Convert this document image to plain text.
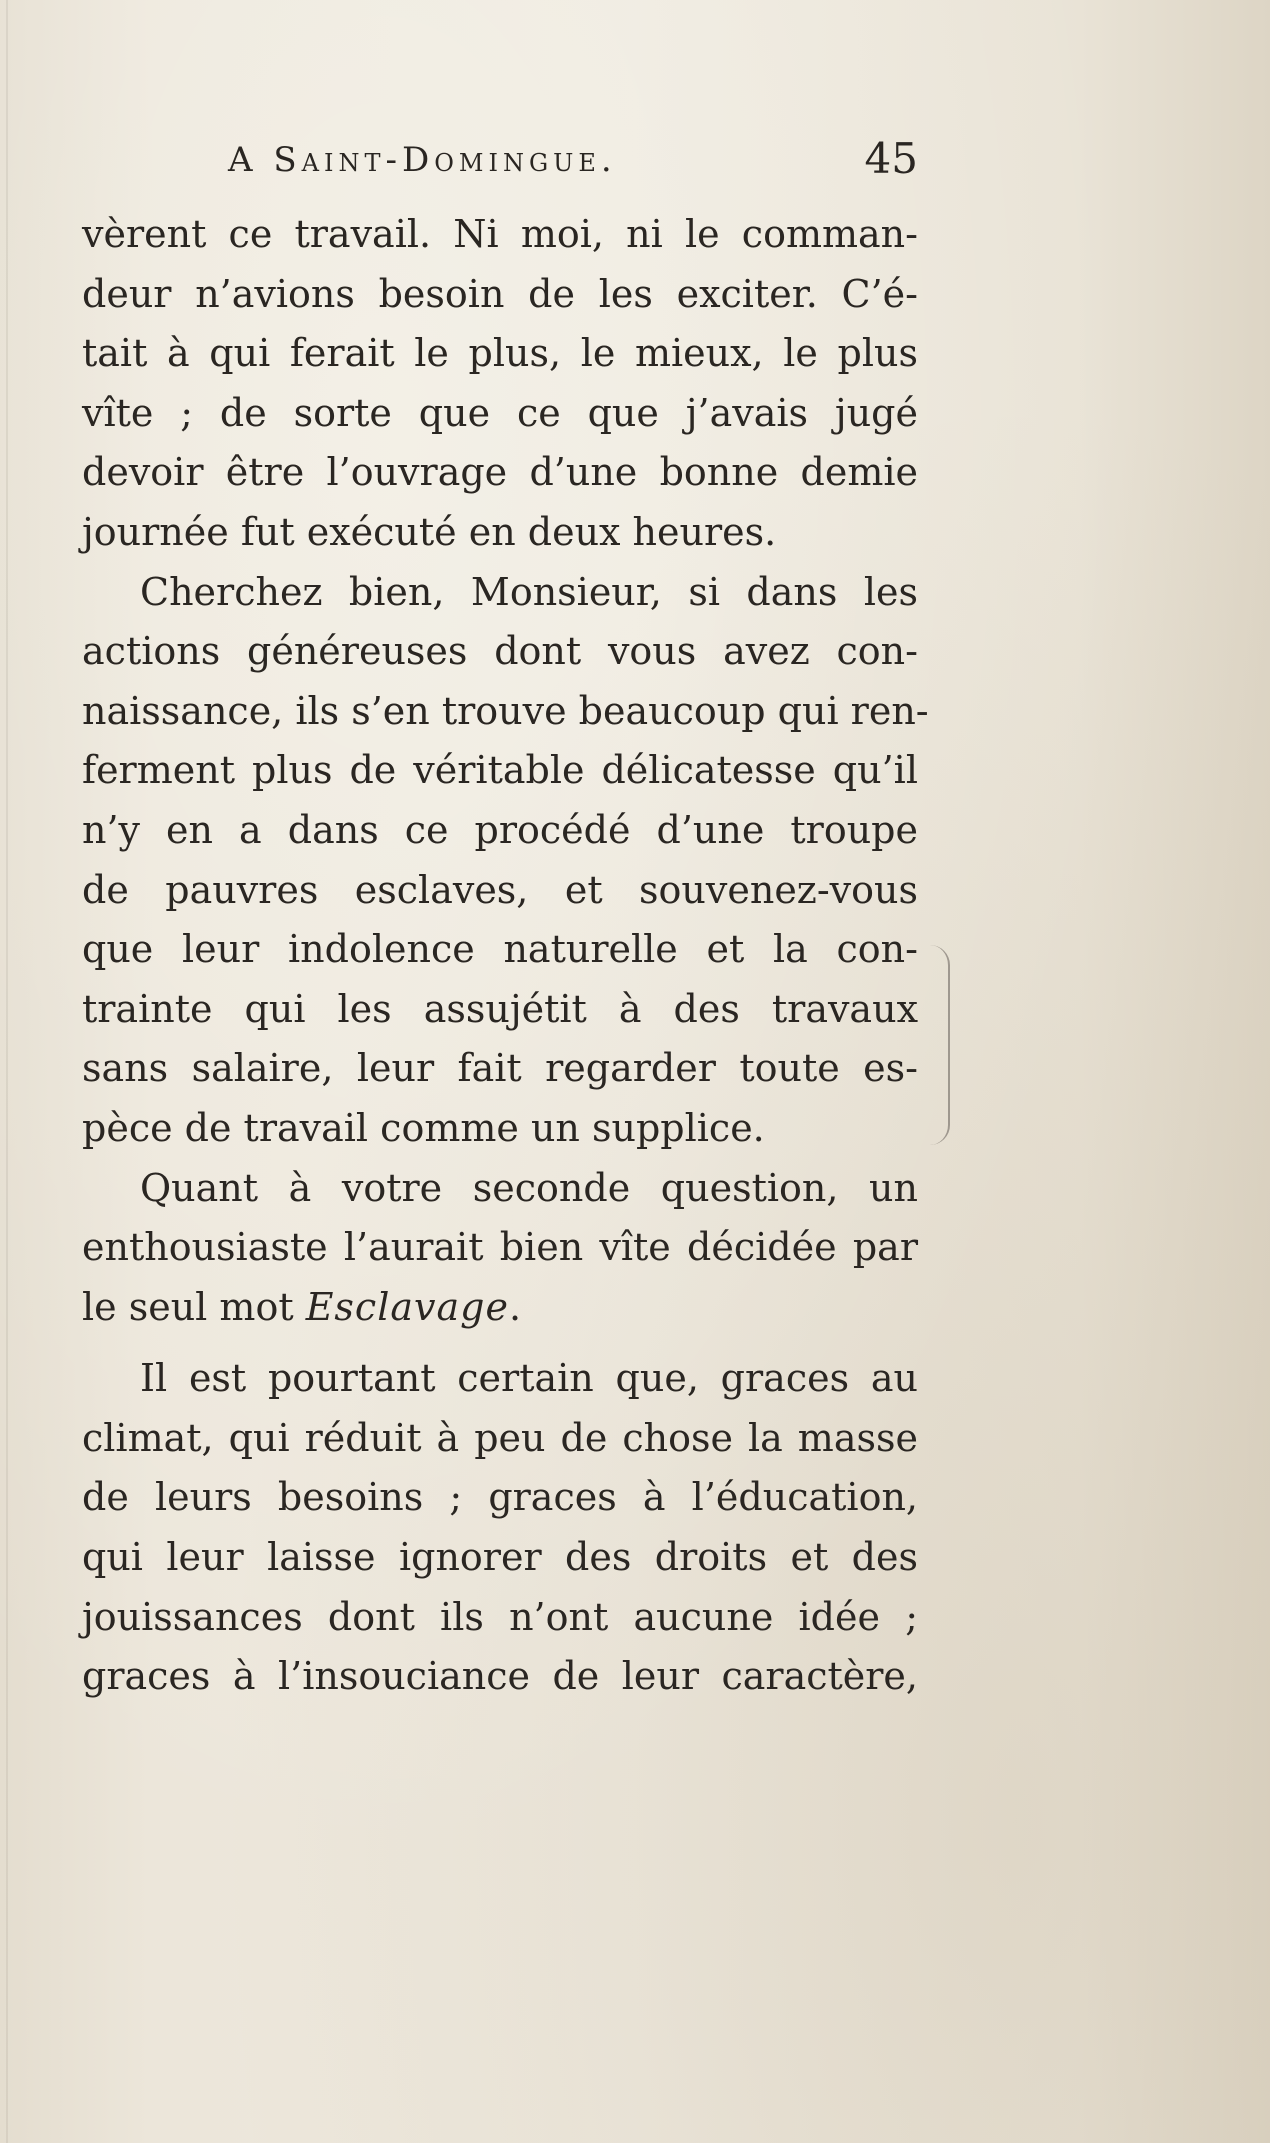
A Saint-Domingue.	45
vèrent ce travail. Ni moi, ni le comman-
deur n’avions besoin de les exciter. C’é-
tait à qui ferait le plus, le mieux, le plus
vîte ; de sorte que ce que j’avais jugé
devoir être l’ouvrage d’une bonne demie
journée fut exécuté en deux heures.
Cherchez bien, Monsieur, si dans les
actions généreuses dont vous avez con-
naissance, ils s’en trouve beaucoup qui ren-
ferment plus de véritable délicatesse qu’il
n’y en a dans ce procédé d’une troupe
de pauvres esclaves, et souvenez-vous
que leur indolence naturelle et la con-
trainte qui les assujétit à des travaux
sans salaire, leur fait regarder toute es-
pèce de travail comme un supplice.
Quant à votre seconde question, un
enthousiaste l’aurait bien vîte décidée par
le seul mot Esclavage.
Il est pourtant certain que, graces au
climat, qui réduit à peu de chose la masse
de leurs besoins ; graces à l’éducation,
qui leur laisse ignorer des droits et des
jouissances dont ils n’ont aucune idée ;
graces à l’insouciance de leur caractère,
